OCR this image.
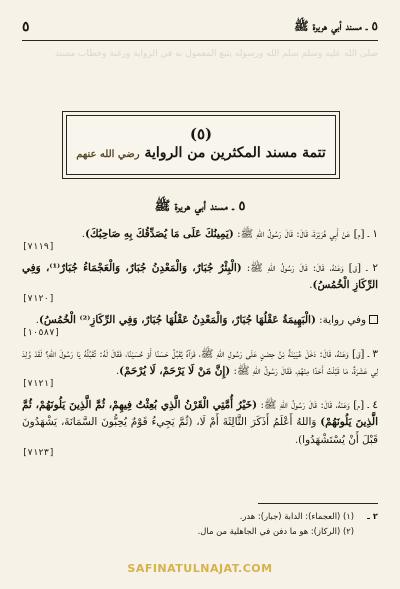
٥ ـ مسند أبي هريرة ﷺ
٥
صلى الله عليه وسلم سلم الله ورسوله يتبع المعمول به في الرواية ورغبة وخطاب مسند
(٥)
تتمة مسند المكثرين من الرواية رضي الله عنهم
٥ ـ مسند أبي هريرة ﷺ

١ ـ [م] عَنْ أَبِي هُرَيْرَةَ، قَالَ: قَالَ رَسُولُ اللهِ ﷺ: (يَمِينُكَ عَلَى مَا يُصَدِّقُكَ بِهِ صَاحِبُكَ).
[٧١١٩]

٢ ـ [ق] وَعَنْهُ، قَالَ: قَالَ رَسُولُ اللهِ ﷺ: (الْبِئْرُ جُبَارٌ، وَالْمَعْدِنُ جُبَارٌ، وَالْعَجْمَاءُ جُبَارٌ⁽¹⁾، وَفِي الرِّكَازِ الْخُمُسُ).
[٧١٢٠]

وفي رواية: (الْبَهِيمَةُ عَقْلُهَا جُبَارٌ، وَالْمَعْدِنُ عَقْلُهَا جُبَارٌ، وَفِي الرِّكَازِ⁽²⁾ الْخُمُسُ).
[١٠٥٨٧]

٣ ـ [ق] وَعَنْهُ، قَالَ: دَخَلَ عُيَيْنَةُ بْنُ حِصْنٍ عَلَى رَسُولِ اللهِ ﷺ، فَرَآهُ يُقَبِّلُ حَسَنًا أَوْ حُسَيْنًا، فَقَالَ لَهُ: تُقَبِّلُهُ يَا رَسُولَ اللهِ؟ لَقَدْ وُلِدَ لِي عَشَرَةٌ، مَا قَبَّلْتُ أَحَدًا مِنْهُمْ، فَقَالَ رَسُولُ اللهِ ﷺ: (إِنَّ مَنْ لَا يَرْحَمْ، لَا يُرْحَمْ).
[٧١٢١]

٤ ـ [م] وَعَنْهُ، قَالَ: قَالَ رَسُولُ اللهِ ﷺ: (خَيْرُ أُمَّتِي الْقَرْنُ الَّذِي بُعِثْتُ فِيهِمْ، ثُمَّ الَّذِينَ يَلُونَهُمْ، ثُمَّ الَّذِينَ يَلُونَهُمْ) وَاللهُ أَعْلَمُ أَذَكَرَ الثَّالِثَةَ أَمْ لَا، (ثُمَّ يَجِيءُ قَوْمٌ يُحِبُّونَ السَّمَانَةَ، يَشْهَدُونَ قَبْلَ أَنْ يُسْتَشْهَدُوا).
[٧١٢٣]

٢ ـ
(١) (العجماء): الدابة (جبار): هدر.
(٢) (الركاز): هو ما دفن في الجاهلية من مال.
SAFINATULNAJAT.COM
